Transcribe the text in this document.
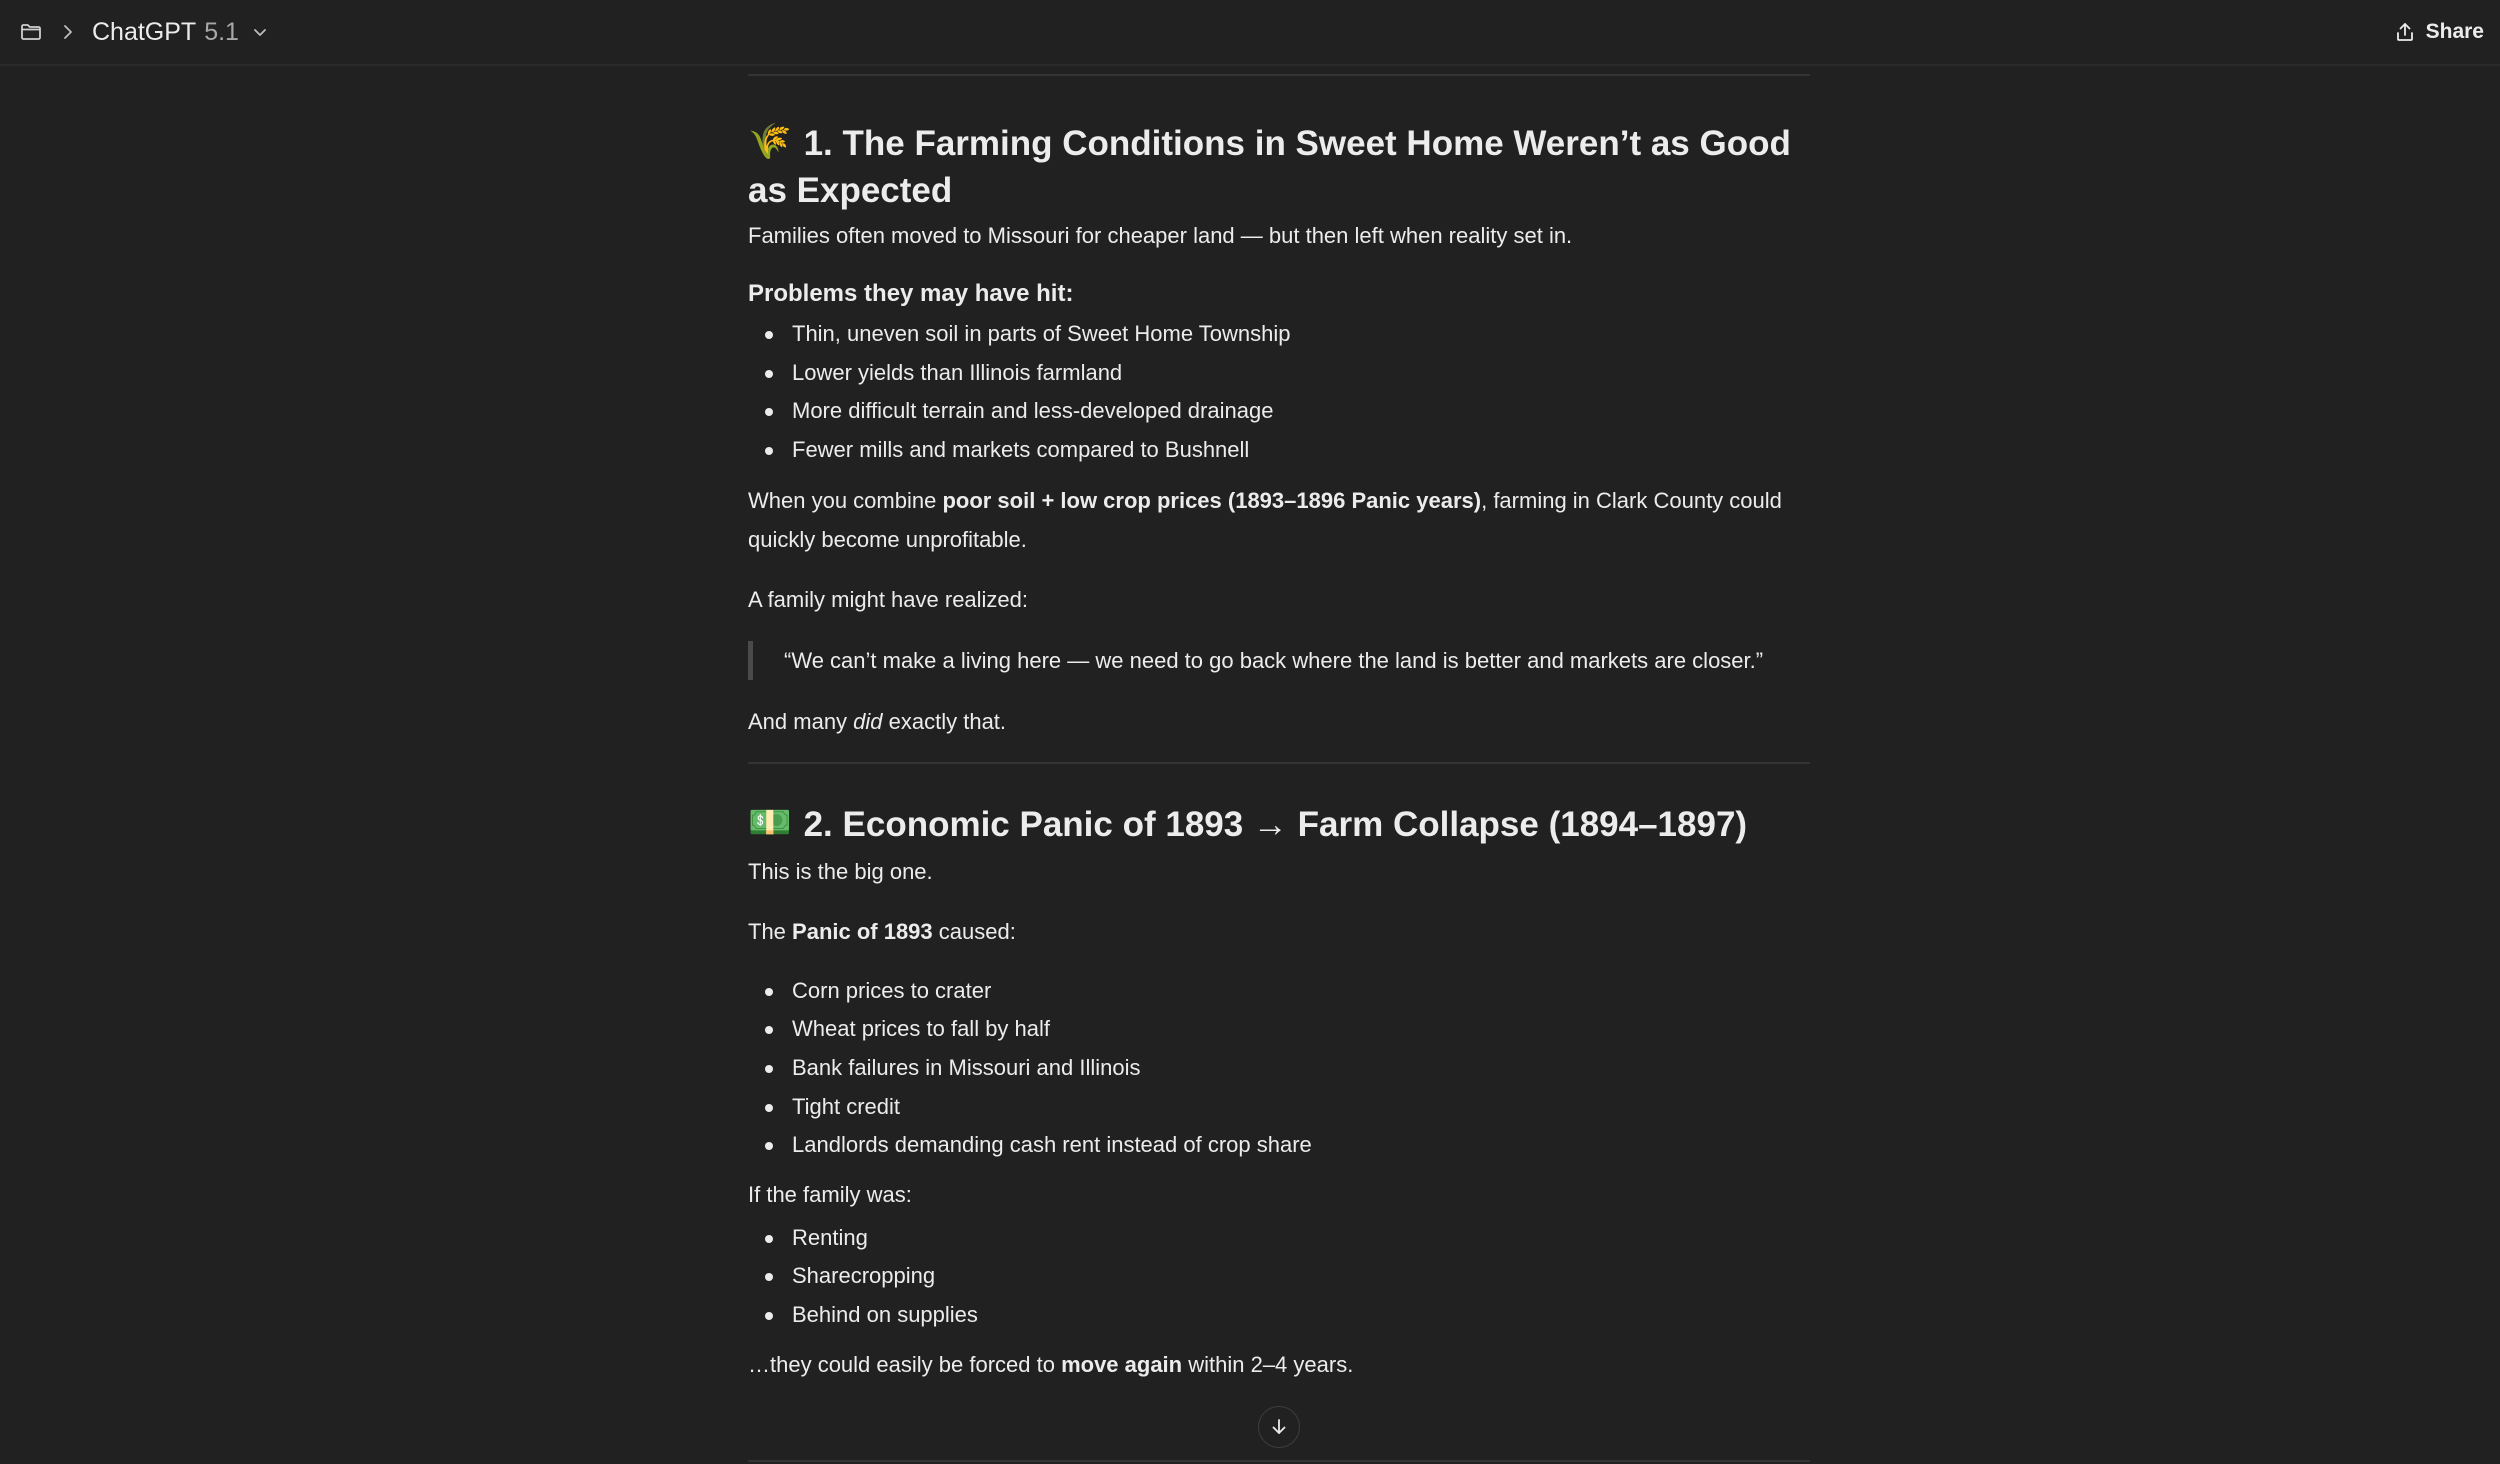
ChatGPT 5.1	Share
🌾 1. The Farming Conditions in Sweet Home Weren’t as Good as Expected

Families often moved to Missouri for cheaper land — but then left when reality set in.

Problems they may have hit:
Thin, uneven soil in parts of Sweet Home Township
Lower yields than Illinois farmland
More difficult terrain and less-developed drainage
Fewer mills and markets compared to Bushnell

When you combine poor soil + low crop prices (1893–1896 Panic years), farming in Clark County could quickly become unprofitable.

A family might have realized:

“We can’t make a living here — we need to go back where the land is better and markets are closer.”

And many did exactly that.

💵 2. Economic Panic of 1893 → Farm Collapse (1894–1897)

This is the big one.

The Panic of 1893 caused:

Corn prices to crater
Wheat prices to fall by half
Bank failures in Missouri and Illinois
Tight credit
Landlords demanding cash rent instead of crop share

If the family was:

Renting
Sharecropping
Behind on supplies

…they could easily be forced to move again within 2–4 years.
